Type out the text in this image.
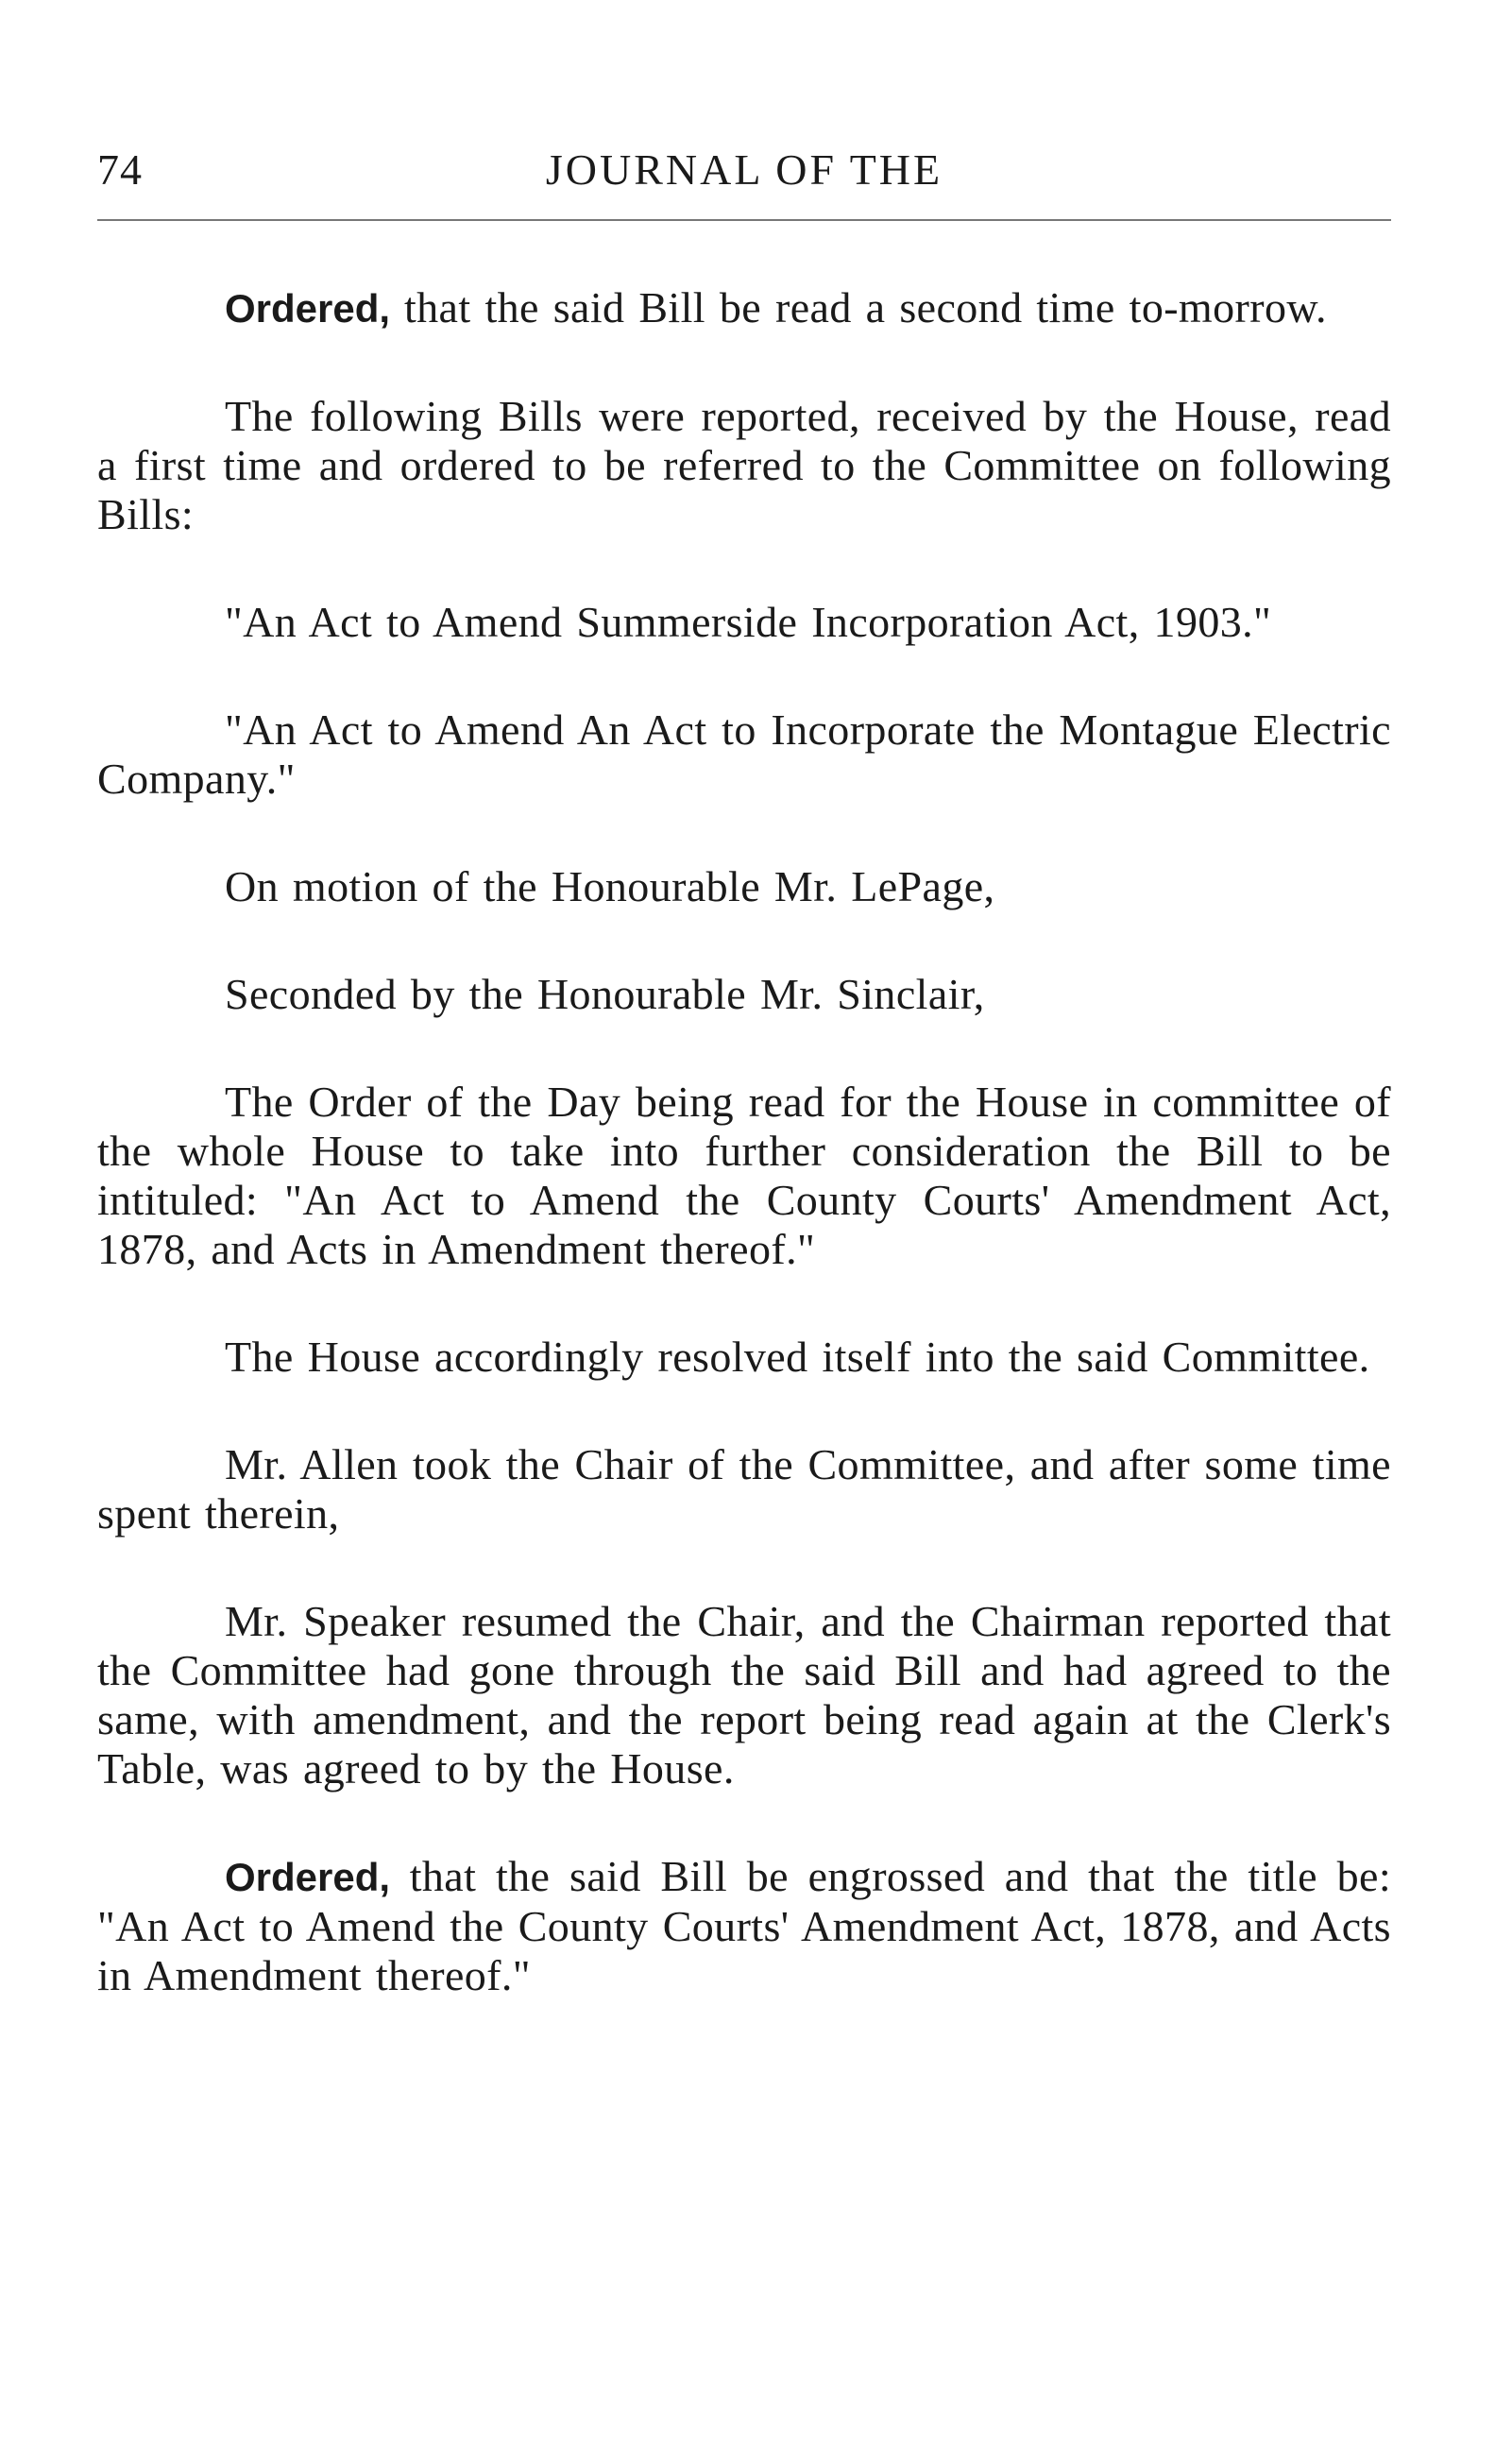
74	JOURNAL OF THE

Ordered, that the said Bill be read a second time to-morrow.

The following Bills were reported, received by the House, read a first time and ordered to be referred to the Committee on following Bills:

"An Act to Amend Summerside Incorporation Act, 1903."

"An Act to Amend An Act to Incorporate the Montague Electric Company."

On motion of the Honourable Mr. LePage,

Seconded by the Honourable Mr. Sinclair,

The Order of the Day being read for the House in committee of the whole House to take into further consideration the Bill to be intituled: "An Act to Amend the County Courts' Amendment Act, 1878, and Acts in Amendment thereof."

The House accordingly resolved itself into the said Committee.

Mr. Allen took the Chair of the Committee, and after some time spent therein,

Mr. Speaker resumed the Chair, and the Chairman reported that the Committee had gone through the said Bill and had agreed to the same, with amendment, and the report being read again at the Clerk's Table, was agreed to by the House.

Ordered, that the said Bill be engrossed and that the title be: "An Act to Amend the County Courts' Amendment Act, 1878, and Acts in Amendment thereof."
